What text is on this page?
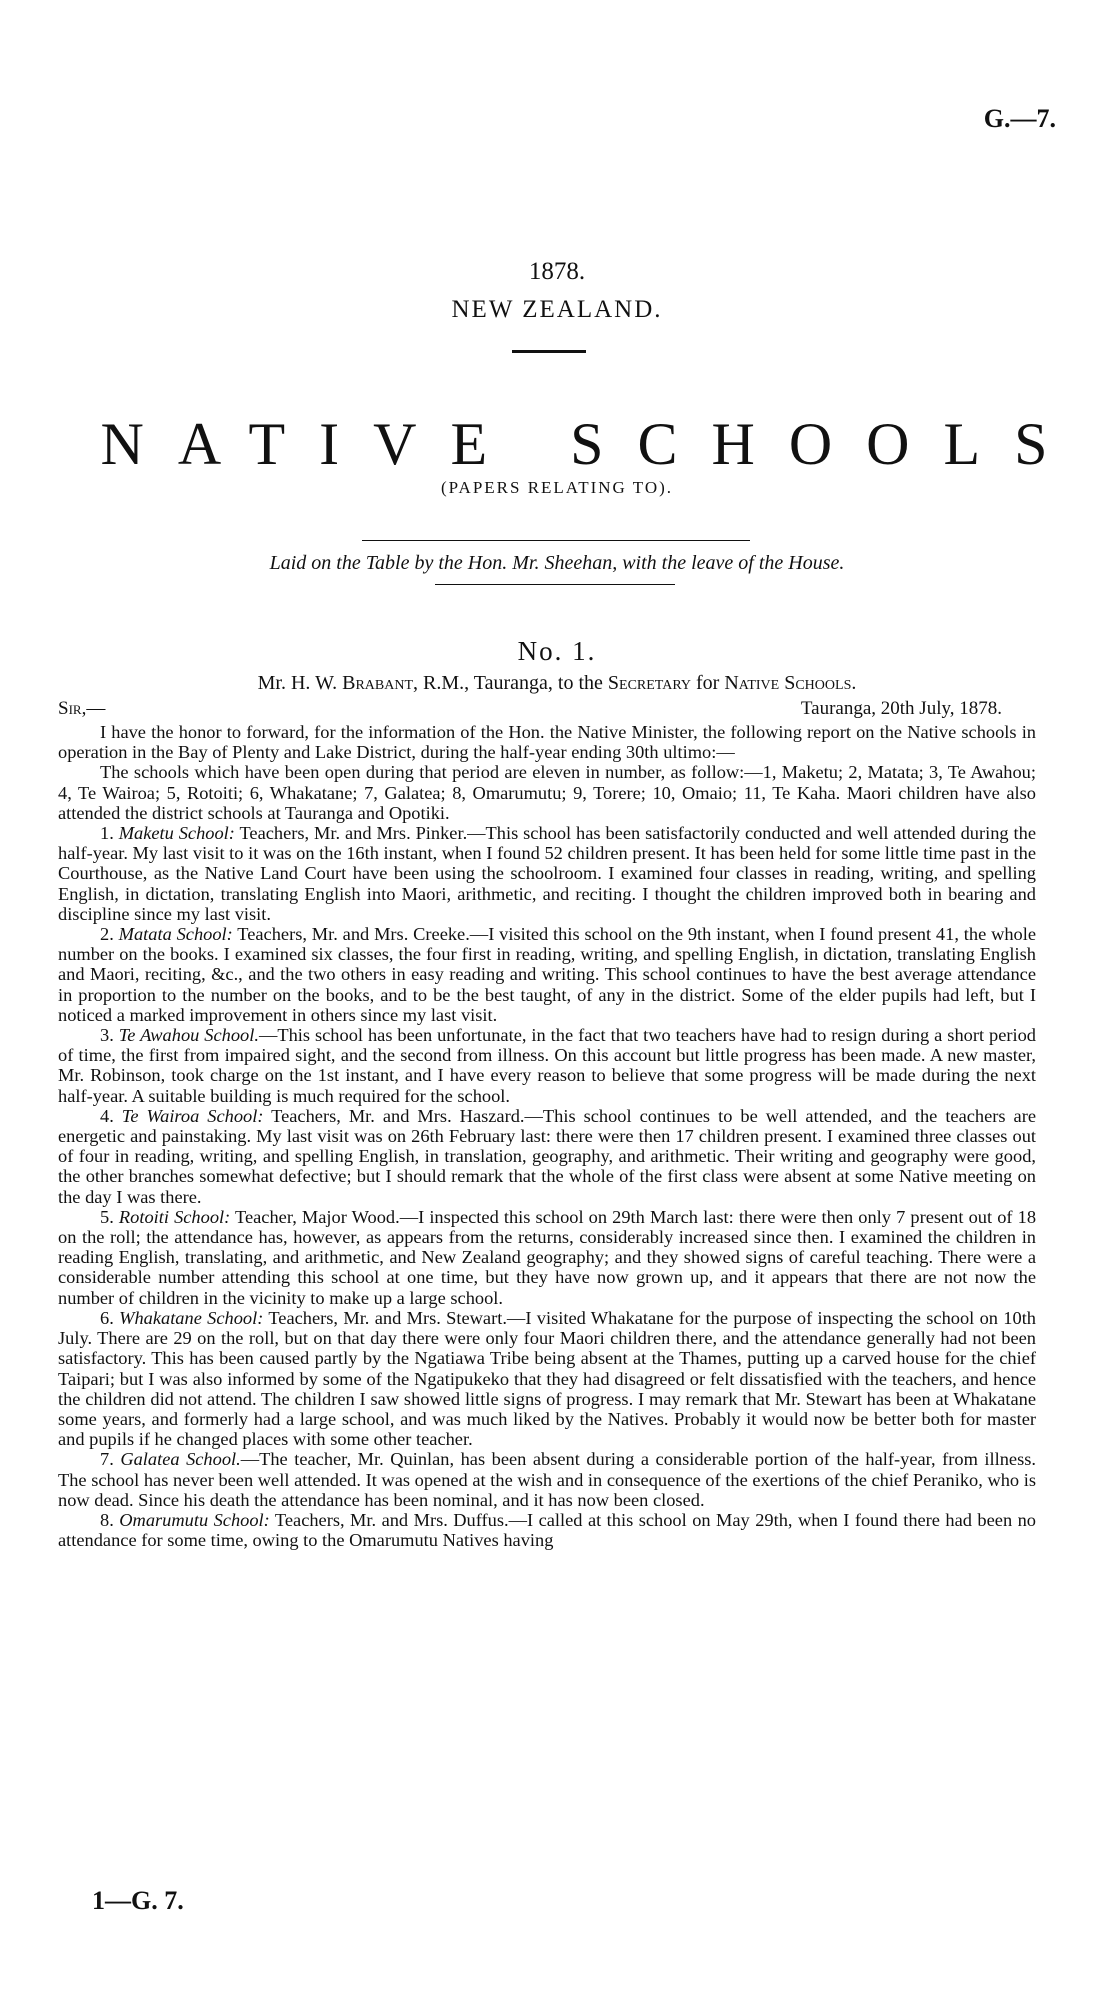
G.—7.
1878.
NEW ZEALAND.
NATIVE SCHOOLS
(PAPERS RELATING TO).
Laid on the Table by the Hon. Mr. Sheehan, with the leave of the House.
No. 1.
Mr. H. W. Brabant, R.M., Tauranga, to the Secretary for Native Schools.
Sir,—	Tauranga, 20th July, 1878.

I have the honor to forward, for the information of the Hon. the Native Minister, the following report on the Native schools in operation in the Bay of Plenty and Lake District, during the half-year ending 30th ultimo:—

The schools which have been open during that period are eleven in number, as follow:—1, Maketu; 2, Matata; 3, Te Awahou; 4, Te Wairoa; 5, Rotoiti; 6, Whakatane; 7, Galatea; 8, Omarumutu; 9, Torere; 10, Omaio; 11, Te Kaha. Maori children have also attended the district schools at Tauranga and Opotiki.

1. Maketu School: Teachers, Mr. and Mrs. Pinker.—This school has been satisfactorily conducted and well attended during the half-year. My last visit to it was on the 16th instant, when I found 52 children present. It has been held for some little time past in the Courthouse, as the Native Land Court have been using the schoolroom. I examined four classes in reading, writing, and spelling English, in dictation, translating English into Maori, arithmetic, and reciting. I thought the children improved both in bearing and discipline since my last visit.

2. Matata School: Teachers, Mr. and Mrs. Creeke.—I visited this school on the 9th instant, when I found present 41, the whole number on the books. I examined six classes, the four first in reading, writing, and spelling English, in dictation, translating English and Maori, reciting, &c., and the two others in easy reading and writing. This school continues to have the best average attendance in proportion to the number on the books, and to be the best taught, of any in the district. Some of the elder pupils had left, but I noticed a marked improvement in others since my last visit.

3. Te Awahou School.—This school has been unfortunate, in the fact that two teachers have had to resign during a short period of time, the first from impaired sight, and the second from illness. On this account but little progress has been made. A new master, Mr. Robinson, took charge on the 1st instant, and I have every reason to believe that some progress will be made during the next half-year. A suitable building is much required for the school.

4. Te Wairoa School: Teachers, Mr. and Mrs. Haszard.—This school continues to be well attended, and the teachers are energetic and painstaking. My last visit was on 26th February last: there were then 17 children present. I examined three classes out of four in reading, writing, and spelling English, in translation, geography, and arithmetic. Their writing and geography were good, the other branches somewhat defective; but I should remark that the whole of the first class were absent at some Native meeting on the day I was there.

5. Rotoiti School: Teacher, Major Wood.—I inspected this school on 29th March last: there were then only 7 present out of 18 on the roll; the attendance has, however, as appears from the returns, considerably increased since then. I examined the children in reading English, translating, and arithmetic, and New Zealand geography; and they showed signs of careful teaching. There were a considerable number attending this school at one time, but they have now grown up, and it appears that there are not now the number of children in the vicinity to make up a large school.

6. Whakatane School: Teachers, Mr. and Mrs. Stewart.—I visited Whakatane for the purpose of inspecting the school on 10th July. There are 29 on the roll, but on that day there were only four Maori children there, and the attendance generally had not been satisfactory. This has been caused partly by the Ngatiawa Tribe being absent at the Thames, putting up a carved house for the chief Taipari; but I was also informed by some of the Ngatipukeko that they had disagreed or felt dissatisfied with the teachers, and hence the children did not attend. The children I saw showed little signs of progress. I may remark that Mr. Stewart has been at Whakatane some years, and formerly had a large school, and was much liked by the Natives. Probably it would now be better both for master and pupils if he changed places with some other teacher.

7. Galatea School.—The teacher, Mr. Quinlan, has been absent during a considerable portion of the half-year, from illness. The school has never been well attended. It was opened at the wish and in consequence of the exertions of the chief Peraniko, who is now dead. Since his death the attendance has been nominal, and it has now been closed.

8. Omarumutu School: Teachers, Mr. and Mrs. Duffus.—I called at this school on May 29th, when I found there had been no attendance for some time, owing to the Omarumutu Natives having

1—G. 7.
